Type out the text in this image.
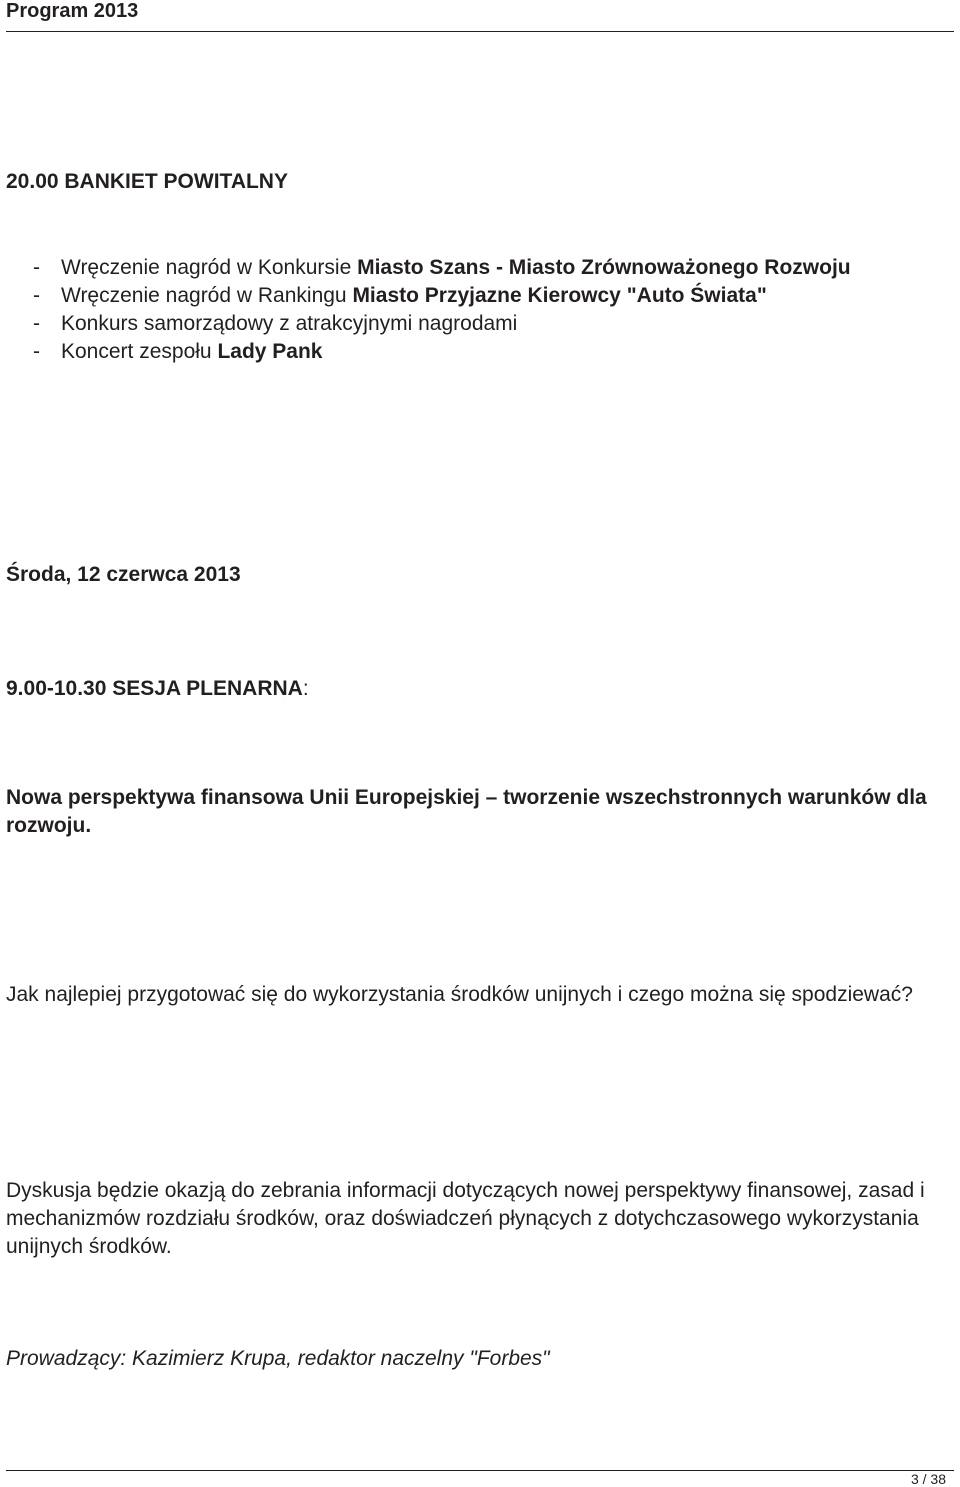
Program 2013
20.00 BANKIET POWITALNY
- Wręczenie nagród w Konkursie Miasto Szans - Miasto Zrównoważonego Rozwoju
- Wręczenie nagród w Rankingu Miasto Przyjazne Kierowcy "Auto Świata"
- Konkurs samorządowy z atrakcyjnymi nagrodami
- Koncert zespołu Lady Pank
Środa, 12 czerwca 2013
9.00-10.30 SESJA PLENARNA:
Nowa perspektywa finansowa Unii Europejskiej – tworzenie wszechstronnych warunków dla rozwoju.
Jak najlepiej przygotować się do wykorzystania środków unijnych i czego można się spodziewać?
Dyskusja będzie okazją do zebrania informacji dotyczących nowej perspektywy finansowej, zasad i mechanizmów rozdziału środków, oraz doświadczeń płynących z dotychczasowego wykorzystania unijnych środków.
Prowadzący: Kazimierz Krupa, redaktor naczelny "Forbes"
3 / 38
